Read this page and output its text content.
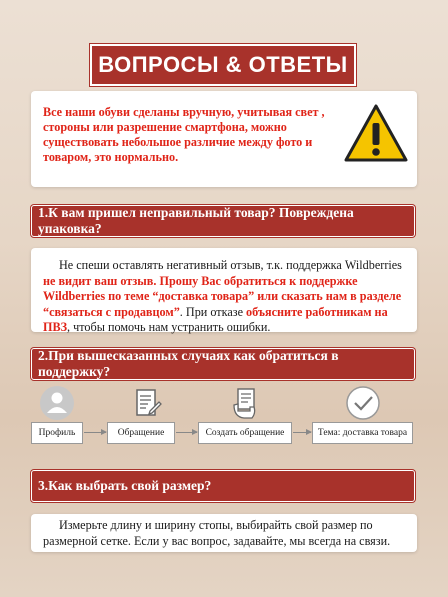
ВОПРОСЫ & ОТВЕТЫ
Все наши обуви сделаны вручную, учитывая свет , стороны или разрешение смартфона, можно существовать небольшое различие между фото и товаром, это нормально.
1.К вам пришел неправильный товар? Повреждена упаковка?

Не спеши оставлять негативный отзыв, т.к. поддержка Wildberries не видит ваш отзыв. Прошу Вас обратиться к поддержке Wildberries по теме “доставка товара” или сказать нам в разделе “связаться с продавцом”. При отказе объясните работникам на ПВЗ, чтобы помочь нам устранить ошибки.

2.При вышесказанных случаях как обратиться в поддержку?
Профиль	Обращение	Создать обращение	Тема: доставка товара
3.Как выбрать свой размер?

Измерьте длину и ширину стопы, выбирайть свой размер по размерной сетке. Если у вас вопрос, задавайте, мы всегда на связи.
